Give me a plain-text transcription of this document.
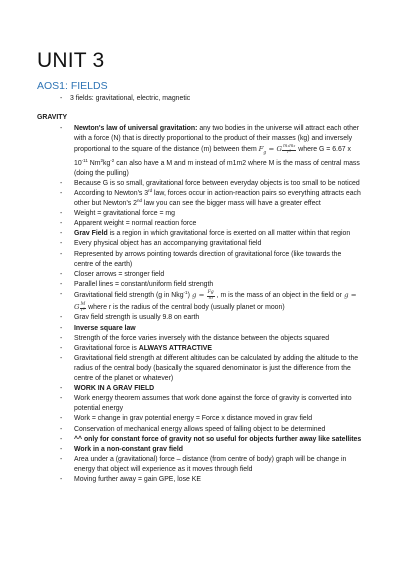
UNIT 3
AOS1: FIELDS
- 3 fields: gravitational, electric, magnetic
GRAVITY
- Newton's law of universal gravitation: any two bodies in the universe will attract each other with a force (N) that is directly proportional to the product of their masses (kg) and inversely proportional to the square of the distance (m) between them $F_g = G \frac{\text{m₁m₂}}{\text{r²}}$ where G = 6.67 x $10^{-11}$ $Nm^2kg^{-2}$ can also have a M and m instead of m1m2 where M is the mass of central mass (doing the pulling)
- Because G is so small, gravitational force between everyday objects is too small to be noticed
- According to Newton's 3rd law, forces occur in action-reaction pairs so everything attracts each other but Newton's 2nd law you can see the bigger mass will have a greater effect
- Weight = gravitational force = mg
- Apparent weight = normal reaction force
- Grav Field is a region in which gravitational force is exerted on all matter within that region
- Every physical object has an accompanying gravitational field
- Represented by arrows pointing towards direction of gravitational force (like towards the centre of the earth)
- Closer arrows = stronger field
- Parallel lines = constant/uniform field strength
- Gravitational field strength (g in Nkg$^{-1}$) $g = \frac{Fg}{m}$ , m is the mass of an object in the field or g = G $\frac{M}{\text{r²}}$ where r is the radius of the central body (usually planet or moon)
- Grav field strength is usually 9.8 on earth
- Inverse square law
- Strength of the force varies inversely with the distance between the objects squared
- Gravitational force is ALWAYS ATTRACTIVE
- Gravitational field strength at different altitudes can be calculated by adding the altitude to the radius of the central body (basically the squared denominator is just the difference from the centre of the planet or whatever)
- WORK IN A GRAV FIELD
- Work energy theorem assumes that work done against the force of gravity is converted into potential energy
- Work = change in grav potential energy = Force x distance moved in grav field
- Conservation of mechanical energy allows speed of falling object to be determined
- ^^ only for constant force of gravity not so useful for objects further away like satellites
- Work in a non-constant grav field
- Area under a (gravitational) force – distance (from centre of body) graph will be change in energy that object will experience as it moves through field
- Moving further away = gain GPE, lose KE
